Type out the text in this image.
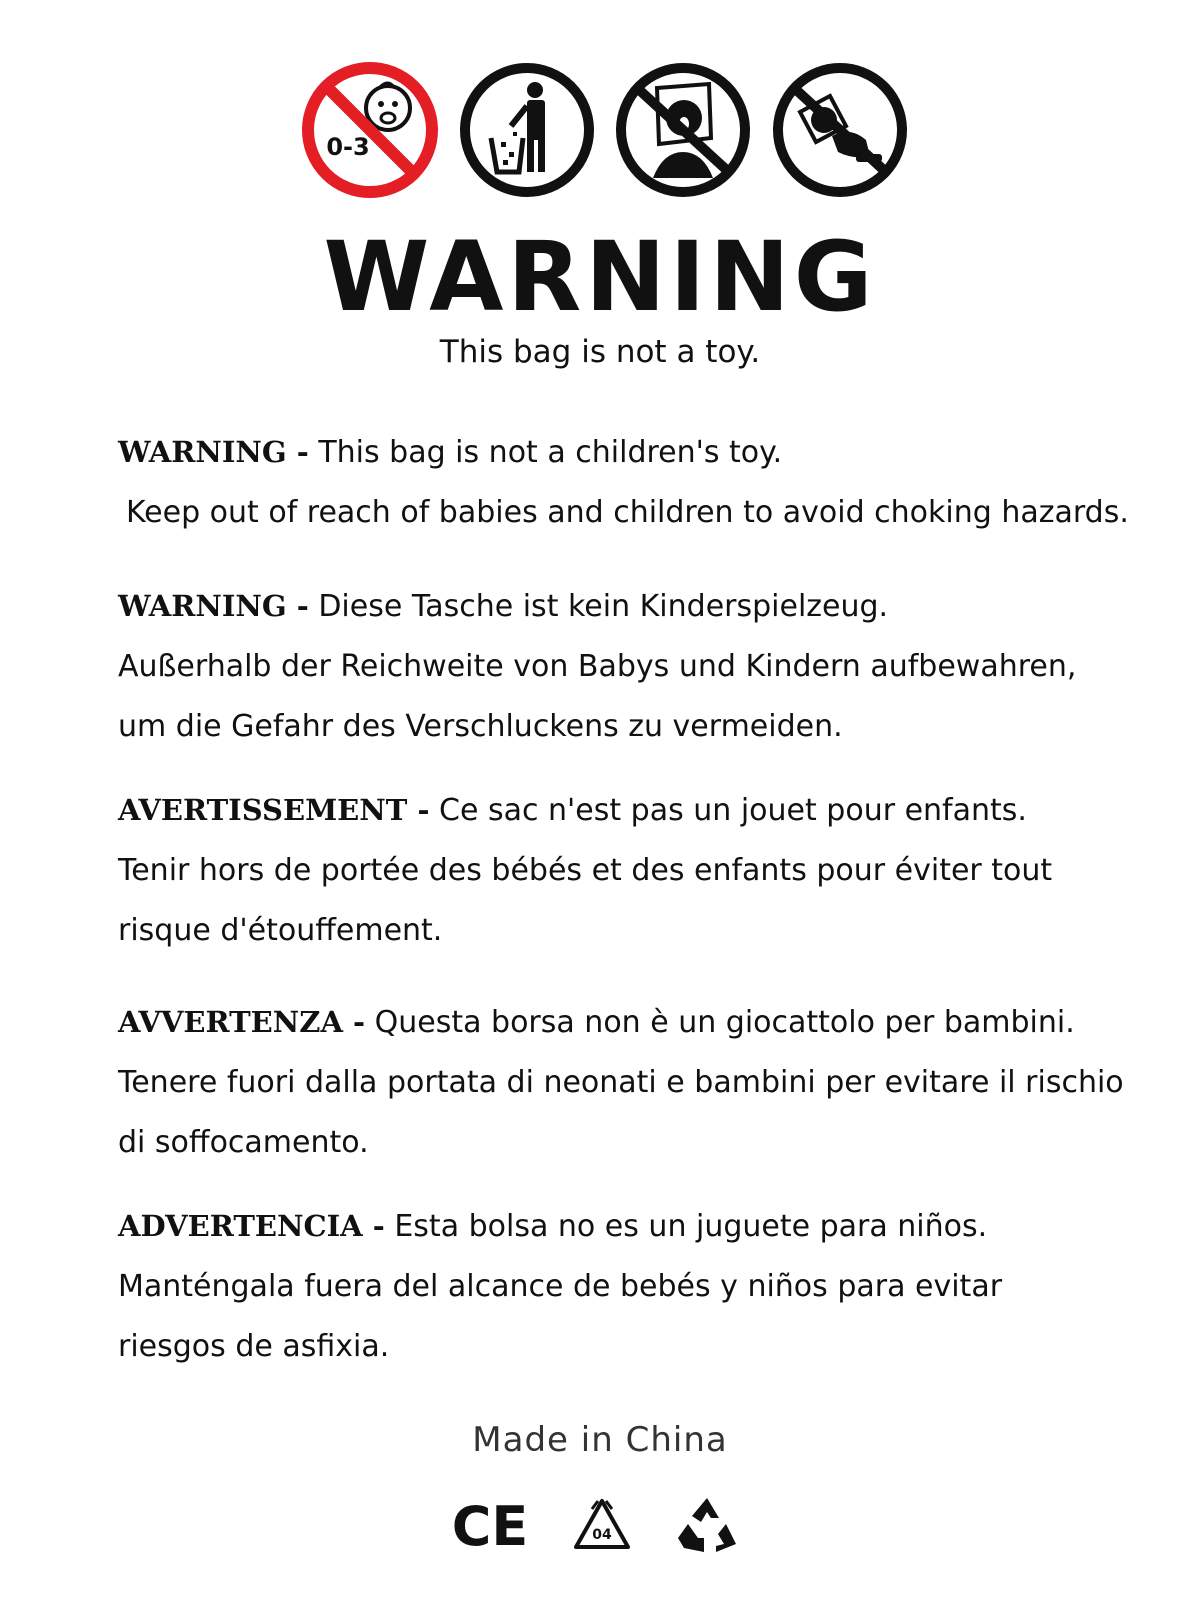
0-3
WARNING
This bag is not a toy.
WARNING - This bag is not a children's toy.
Keep out of reach of babies and children to avoid choking hazards.
WARNING - Diese Tasche ist kein Kinderspielzeug.
Außerhalb der Reichweite von Babys und Kindern aufbewahren,
um die Gefahr des Verschluckens zu vermeiden.
AVERTISSEMENT - Ce sac n'est pas un jouet pour enfants.
Tenir hors de portée des bébés et des enfants pour éviter tout
risque d'étouffement.
AVVERTENZA - Questa borsa non è un giocattolo per bambini.
Tenere fuori dalla portata di neonati e bambini per evitare il rischio
di soffocamento.
ADVERTENCIA - Esta bolsa no es un juguete para niños.
Manténgala fuera del alcance de bebés y niños para evitar
riesgos de asfixia.
Made in China
CE	04
